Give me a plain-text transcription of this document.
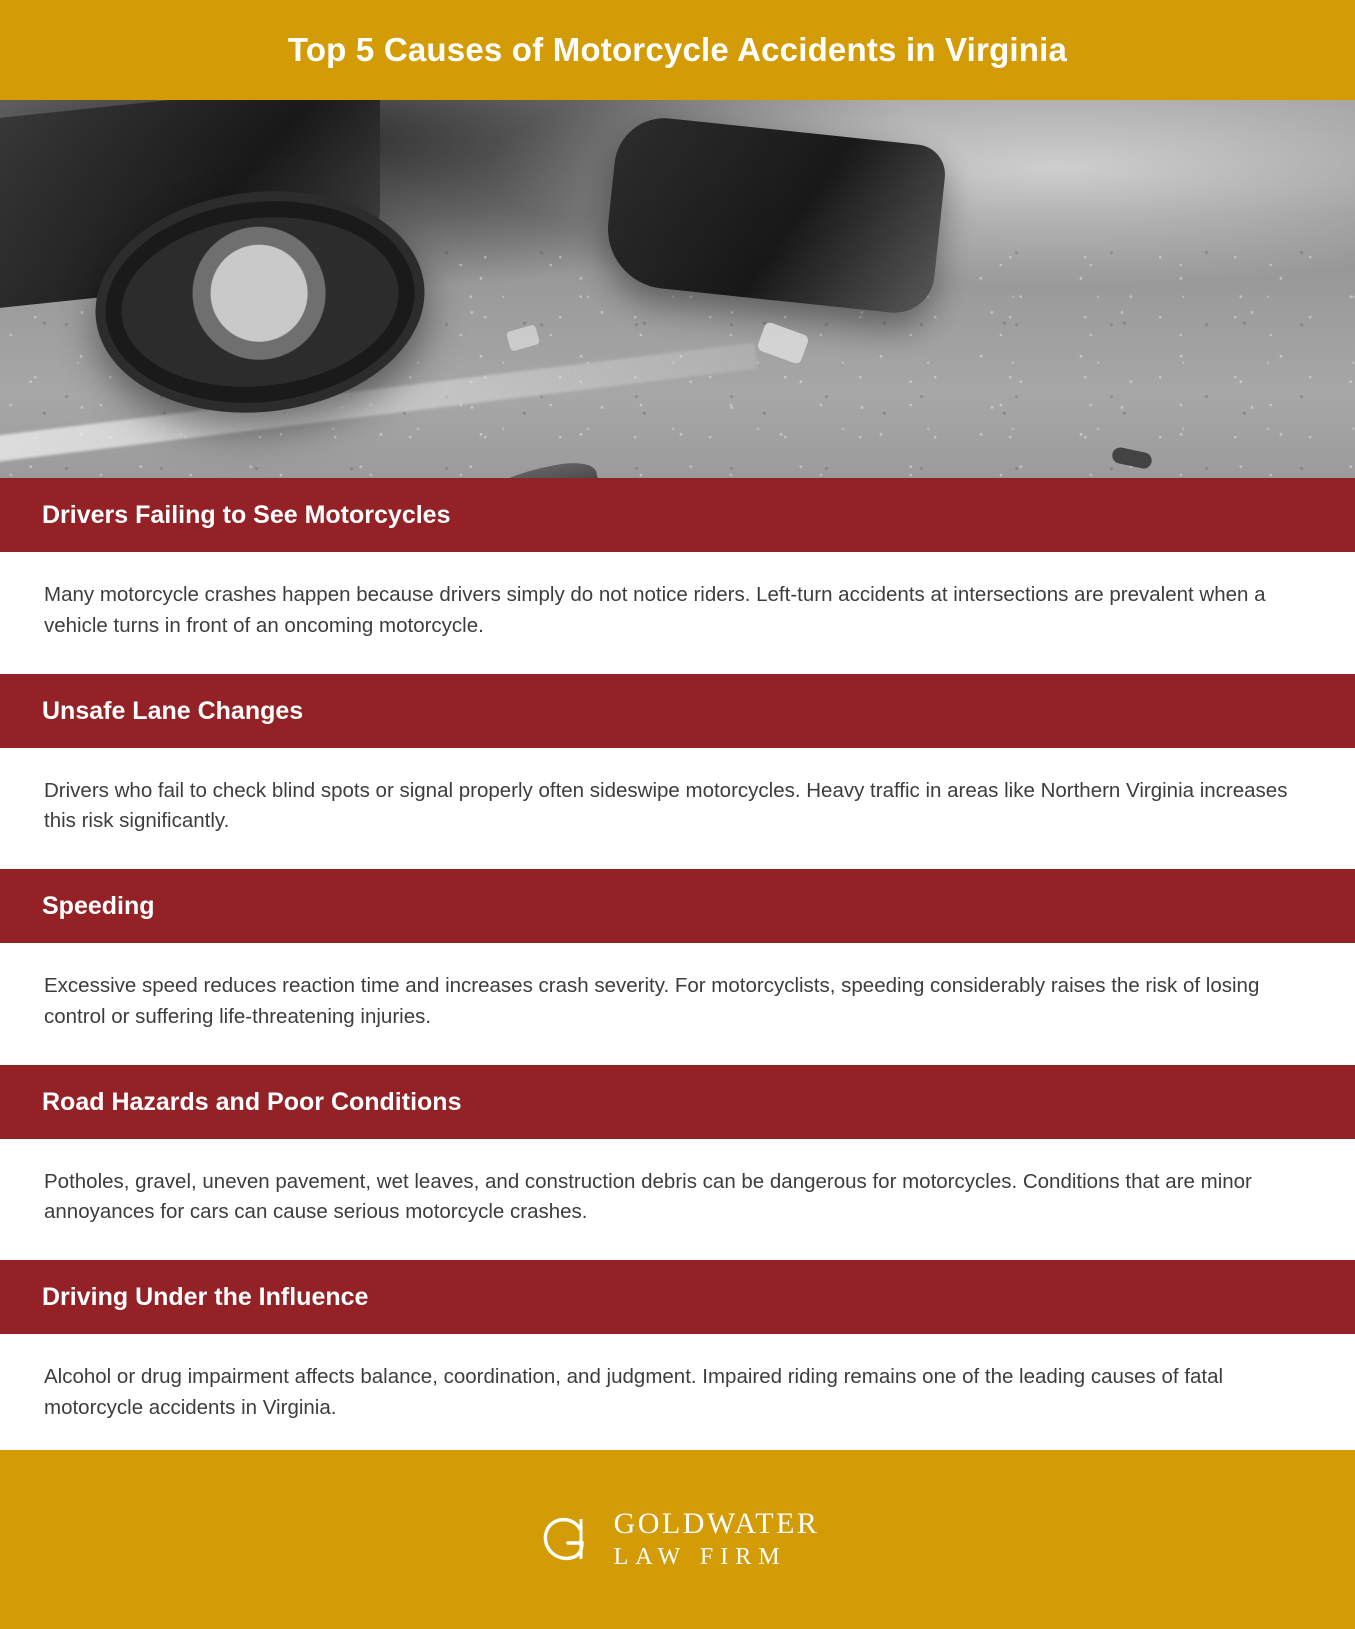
Top 5 Causes of Motorcycle Accidents in Virginia
Drivers Failing to See Motorcycles
Many motorcycle crashes happen because drivers simply do not notice riders. Left-turn accidents at intersections are prevalent when a vehicle turns in front of an oncoming motorcycle.
Unsafe Lane Changes
Drivers who fail to check blind spots or signal properly often sideswipe motorcycles. Heavy traffic in areas like Northern Virginia increases this risk significantly.
Speeding
Excessive speed reduces reaction time and increases crash severity. For motorcyclists, speeding considerably raises the risk of losing control or suffering life-threatening injuries.
Road Hazards and Poor Conditions
Potholes, gravel, uneven pavement, wet leaves, and construction debris can be dangerous for motorcycles. Conditions that are minor annoyances for cars can cause serious motorcycle crashes.
Driving Under the Influence
Alcohol or drug impairment affects balance, coordination, and judgment. Impaired riding remains one of the leading causes of fatal motorcycle accidents in Virginia.
GOLDWATER
LAW FIRM
